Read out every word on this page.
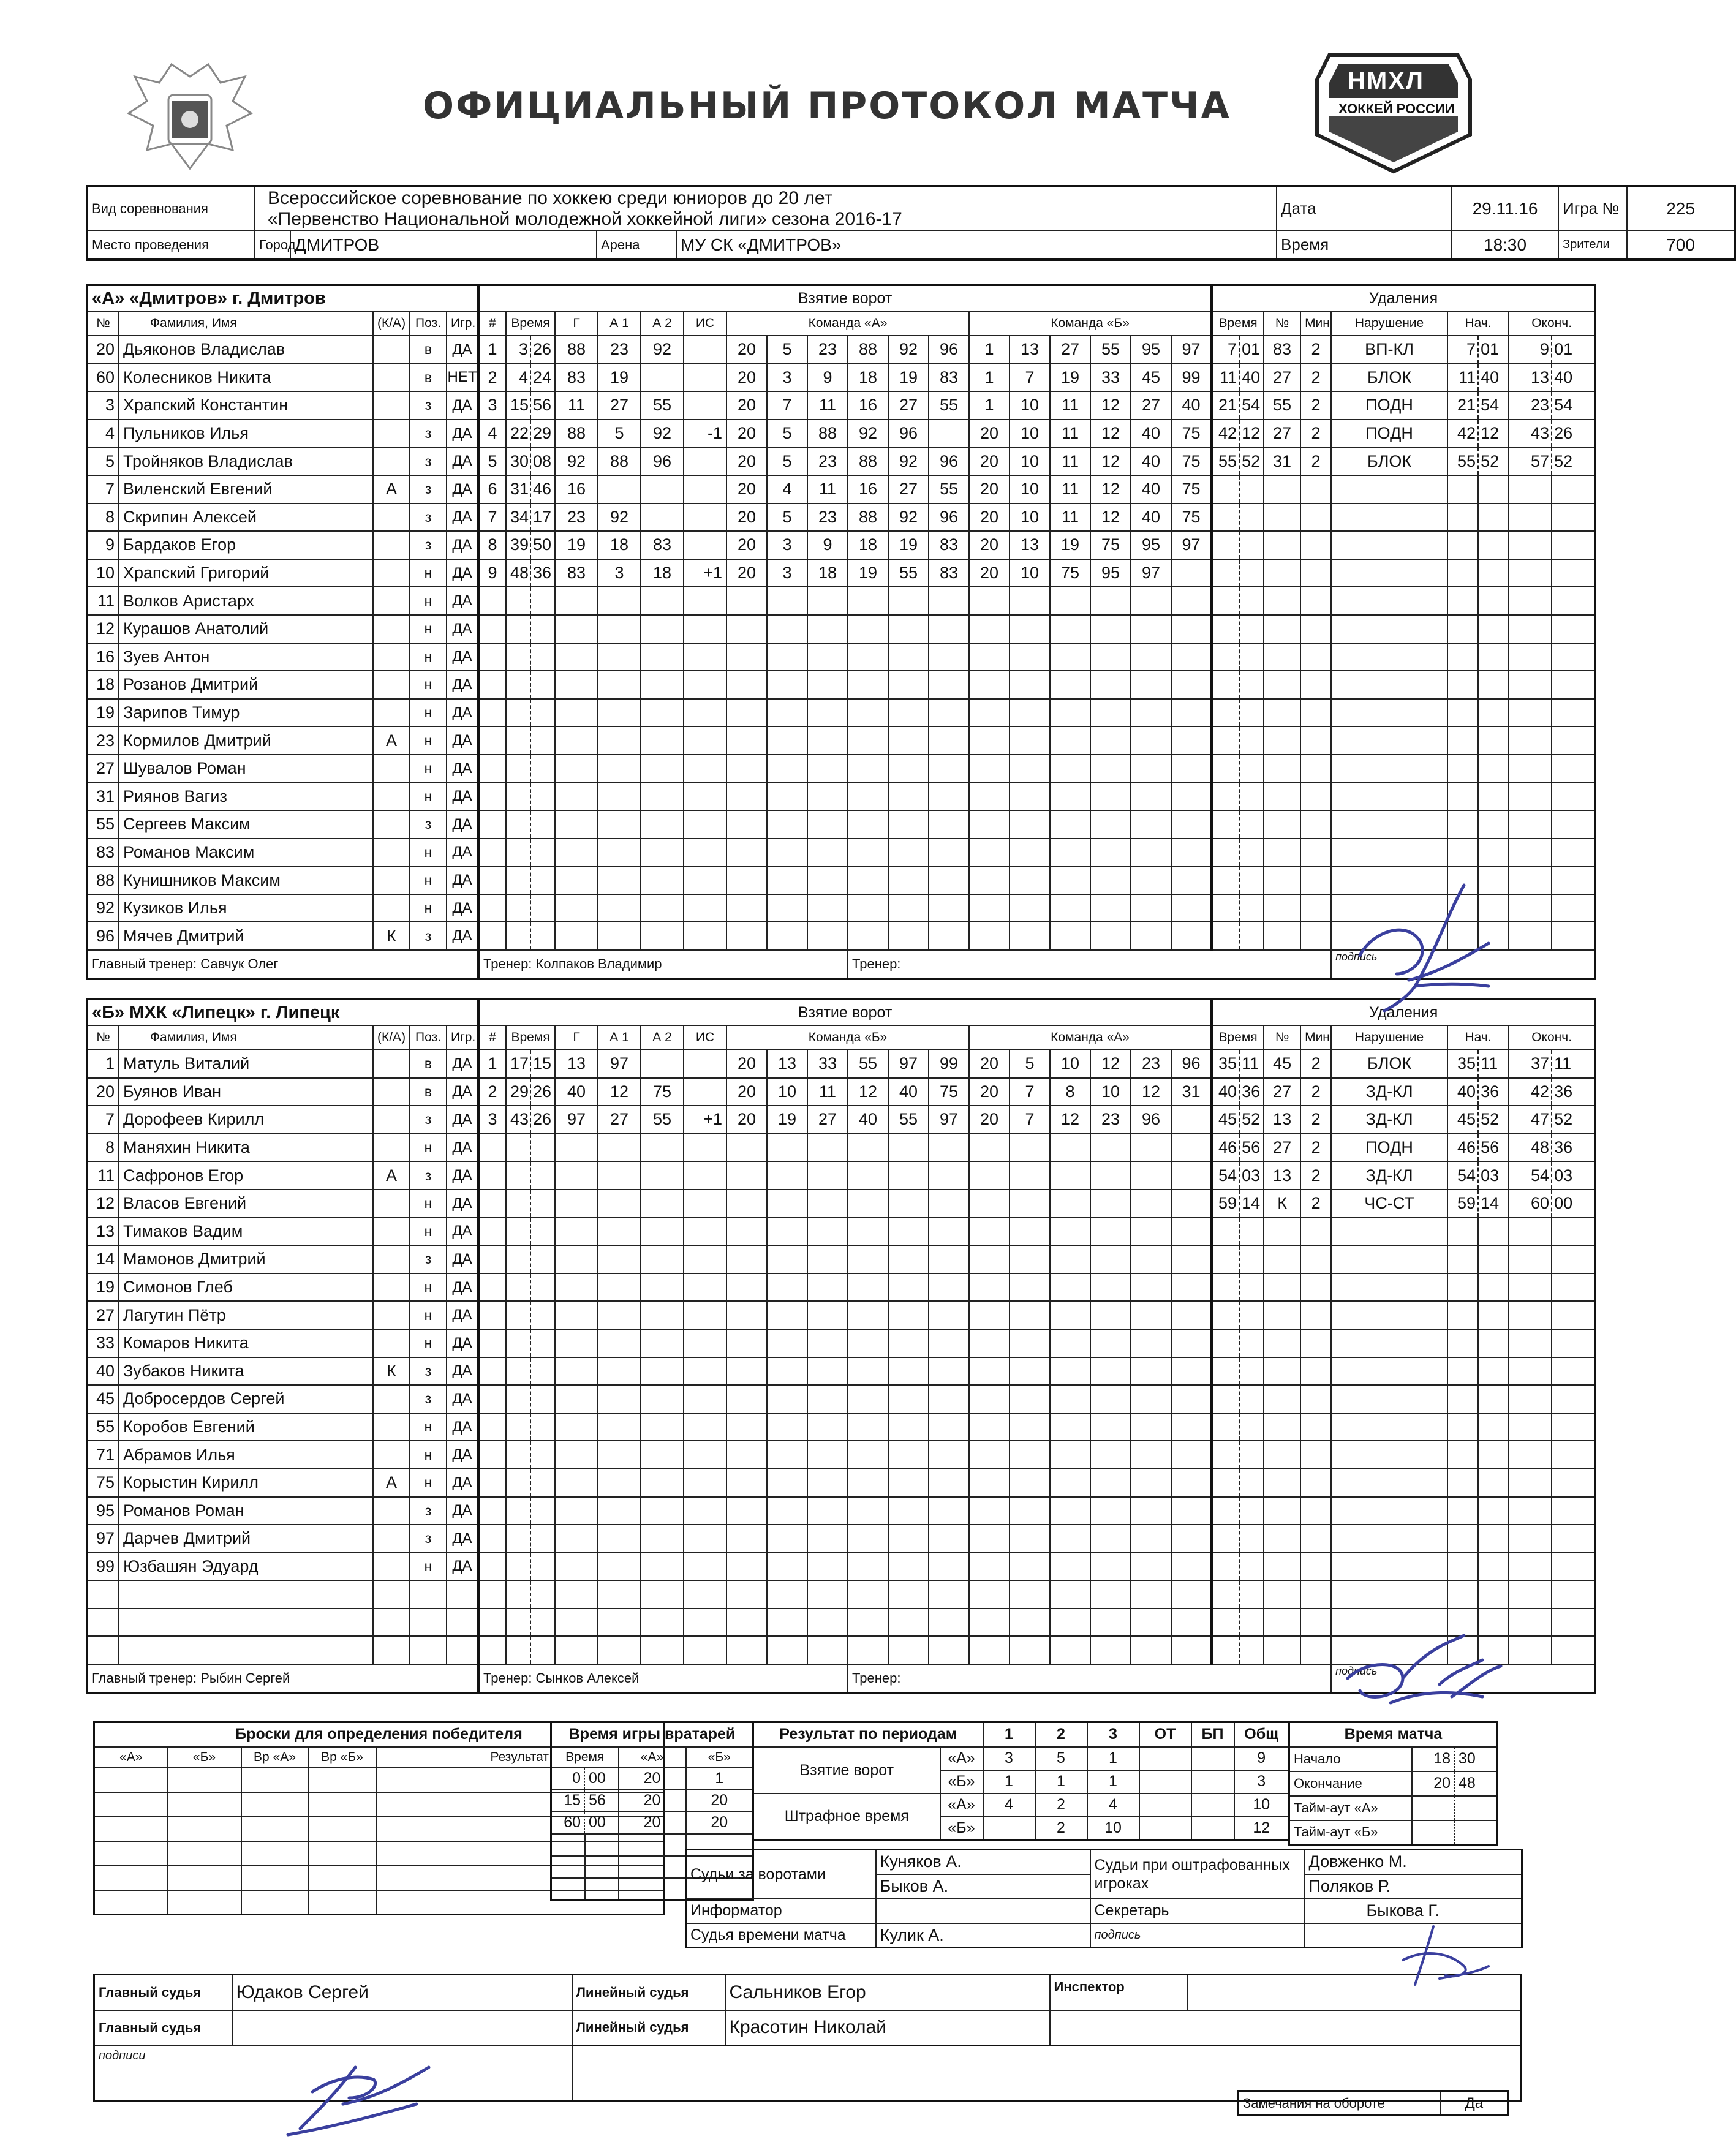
ОФИЦИАЛЬНЫЙ ПРОТОКОЛ МАТЧА
НМХЛ
ХОККЕЙ РОССИИ
Вид соревнования	Всероссийское соревнование по хоккею среди юниоров до 20 лет
«Первенство Национальной молодежной хоккейной лиги» сезона 2016-17				Дата	29.11.16	Игра №	225
Место проведения	Город	ДМИТРОВ	Арена	МУ СК «ДМИТРОВ»	Время	18:30	Зрители	700
«А» «Дмитров» г. Дмитров					Взятие ворот																			Удаления								
№	Фамилия, Имя	(К/А)	Поз.	Игр.	#	Время		Г	А 1	А 2	ИС	Команда «А»						Команда «Б»						Время		№	Мин	Нарушение	Нач.		Оконч.	
20	Дьяконов Владислав		в	ДА	1	3	26	88	23	92		20	5	23	88	92	96	1	13	27	55	95	97	7	01	83	2	ВП-КЛ	7	01	9	01
60	Колесников Никита		в	НЕТ	2	4	24	83	19			20	3	9	18	19	83	1	7	19	33	45	99	11	40	27	2	БЛОК	11	40	13	40
3	Храпский Константин		з	ДА	3	15	56	11	27	55		20	7	11	16	27	55	1	10	11	12	27	40	21	54	55	2	ПОДН	21	54	23	54
4	Пульников Илья		з	ДА	4	22	29	88	5	92	-1	20	5	88	92	96		20	10	11	12	40	75	42	12	27	2	ПОДН	42	12	43	26
5	Тройняков Владислав		з	ДА	5	30	08	92	88	96		20	5	23	88	92	96	20	10	11	12	40	75	55	52	31	2	БЛОК	55	52	57	52
7	Виленский Евгений	А	з	ДА	6	31	46	16				20	4	11	16	27	55	20	10	11	12	40	75									
8	Скрипин Алексей		з	ДА	7	34	17	23	92			20	5	23	88	92	96	20	10	11	12	40	75									
9	Бардаков Егор		з	ДА	8	39	50	19	18	83		20	3	9	18	19	83	20	13	19	75	95	97									
10	Храпский Григорий		н	ДА	9	48	36	83	3	18	+1	20	3	18	19	55	83	20	10	75	95	97										
11	Волков Аристарх		н	ДА																												
12	Курашов Анатолий		н	ДА																												
16	Зуев Антон		н	ДА																												
18	Розанов Дмитрий		н	ДА																												
19	Зарипов Тимур		н	ДА																												
23	Кормилов Дмитрий	А	н	ДА																												
27	Шувалов Роман		н	ДА																												
31	Риянов Вагиз		н	ДА																												
55	Сергеев Максим		з	ДА																												
83	Романов Максим		н	ДА																												
88	Кунишников Максим		н	ДА																												
92	Кузиков Илья		н	ДА																												
96	Мячев Дмитрий	К	з	ДА																												
Главный тренер: Савчук Олег					Тренер: Колпаков Владимир										Тренер:													подпись				
«Б» МХК «Липецк» г. Липецк					Взятие ворот																			Удаления								
№	Фамилия, Имя	(К/А)	Поз.	Игр.	#	Время		Г	А 1	А 2	ИС	Команда «Б»						Команда «А»						Время		№	Мин	Нарушение	Нач.		Оконч.	
1	Матуль Виталий		в	ДА	1	17	15	13	97			20	13	33	55	97	99	20	5	10	12	23	96	35	11	45	2	БЛОК	35	11	37	11
20	Буянов Иван		в	ДА	2	29	26	40	12	75		20	10	11	12	40	75	20	7	8	10	12	31	40	36	27	2	ЗД-КЛ	40	36	42	36
7	Дорофеев Кирилл		з	ДА	3	43	26	97	27	55	+1	20	19	27	40	55	97	20	7	12	23	96		45	52	13	2	ЗД-КЛ	45	52	47	52
8	Маняхин Никита		н	ДА																				46	56	27	2	ПОДН	46	56	48	36
11	Сафронов Егор	А	з	ДА																				54	03	13	2	ЗД-КЛ	54	03	54	03
12	Власов Евгений		н	ДА																				59	14	К	2	ЧС-СТ	59	14	60	00
13	Тимаков Вадим		н	ДА																												
14	Мамонов Дмитрий		з	ДА																												
19	Симонов Глеб		н	ДА																												
27	Лагутин Пётр		н	ДА																												
33	Комаров Никита		н	ДА																												
40	Зубаков Никита	К	з	ДА																												
45	Добросердов Сергей		з	ДА																												
55	Коробов Евгений		н	ДА																												
71	Абрамов Илья		н	ДА																												
75	Корыстин Кирилл	А	н	ДА																												
95	Романов Роман		з	ДА																												
97	Дарчев Дмитрий		з	ДА																												
99	Юзбашян Эдуард		н	ДА																												

Главный тренер: Рыбин Сергей					Тренер: Сынков Алексей										Тренер:													подпись				
Броски для определения победителя				
«А»	«Б»	Вр «А»	Вр «Б»	Результат

Время игры вратарей			
Время		«А»	«Б»
0	00	20	1
15	56	20	20
60	00	20	20

Результат по периодам		1	2	3	ОТ	БП	Общ
Взятие ворот	«А»	3	5	1			9
	«Б»	1	1	1			3
Штрафное время	«А»	4	2	4			10
	«Б»		2	10			12
Время матча		
Начало	18	30
Окончание	20	48
Тайм-аут «А»		
Тайм-аут «Б»		
Судьи за воротами	Куняков А.	Судьи при оштрафованных игроках	Довженко М.
	Быков А.		Поляков Р.
Информатор		Секретарь	Быкова Г.
Судья времени матча	Кулик А.	подпись	
Главный судья	Юдаков Сергей	Линейный судья	Сальников Егор	Инспектор	
Главный судья		Линейный судья	Красотин Николай		
подписи					
Замечания на обороте	Да
